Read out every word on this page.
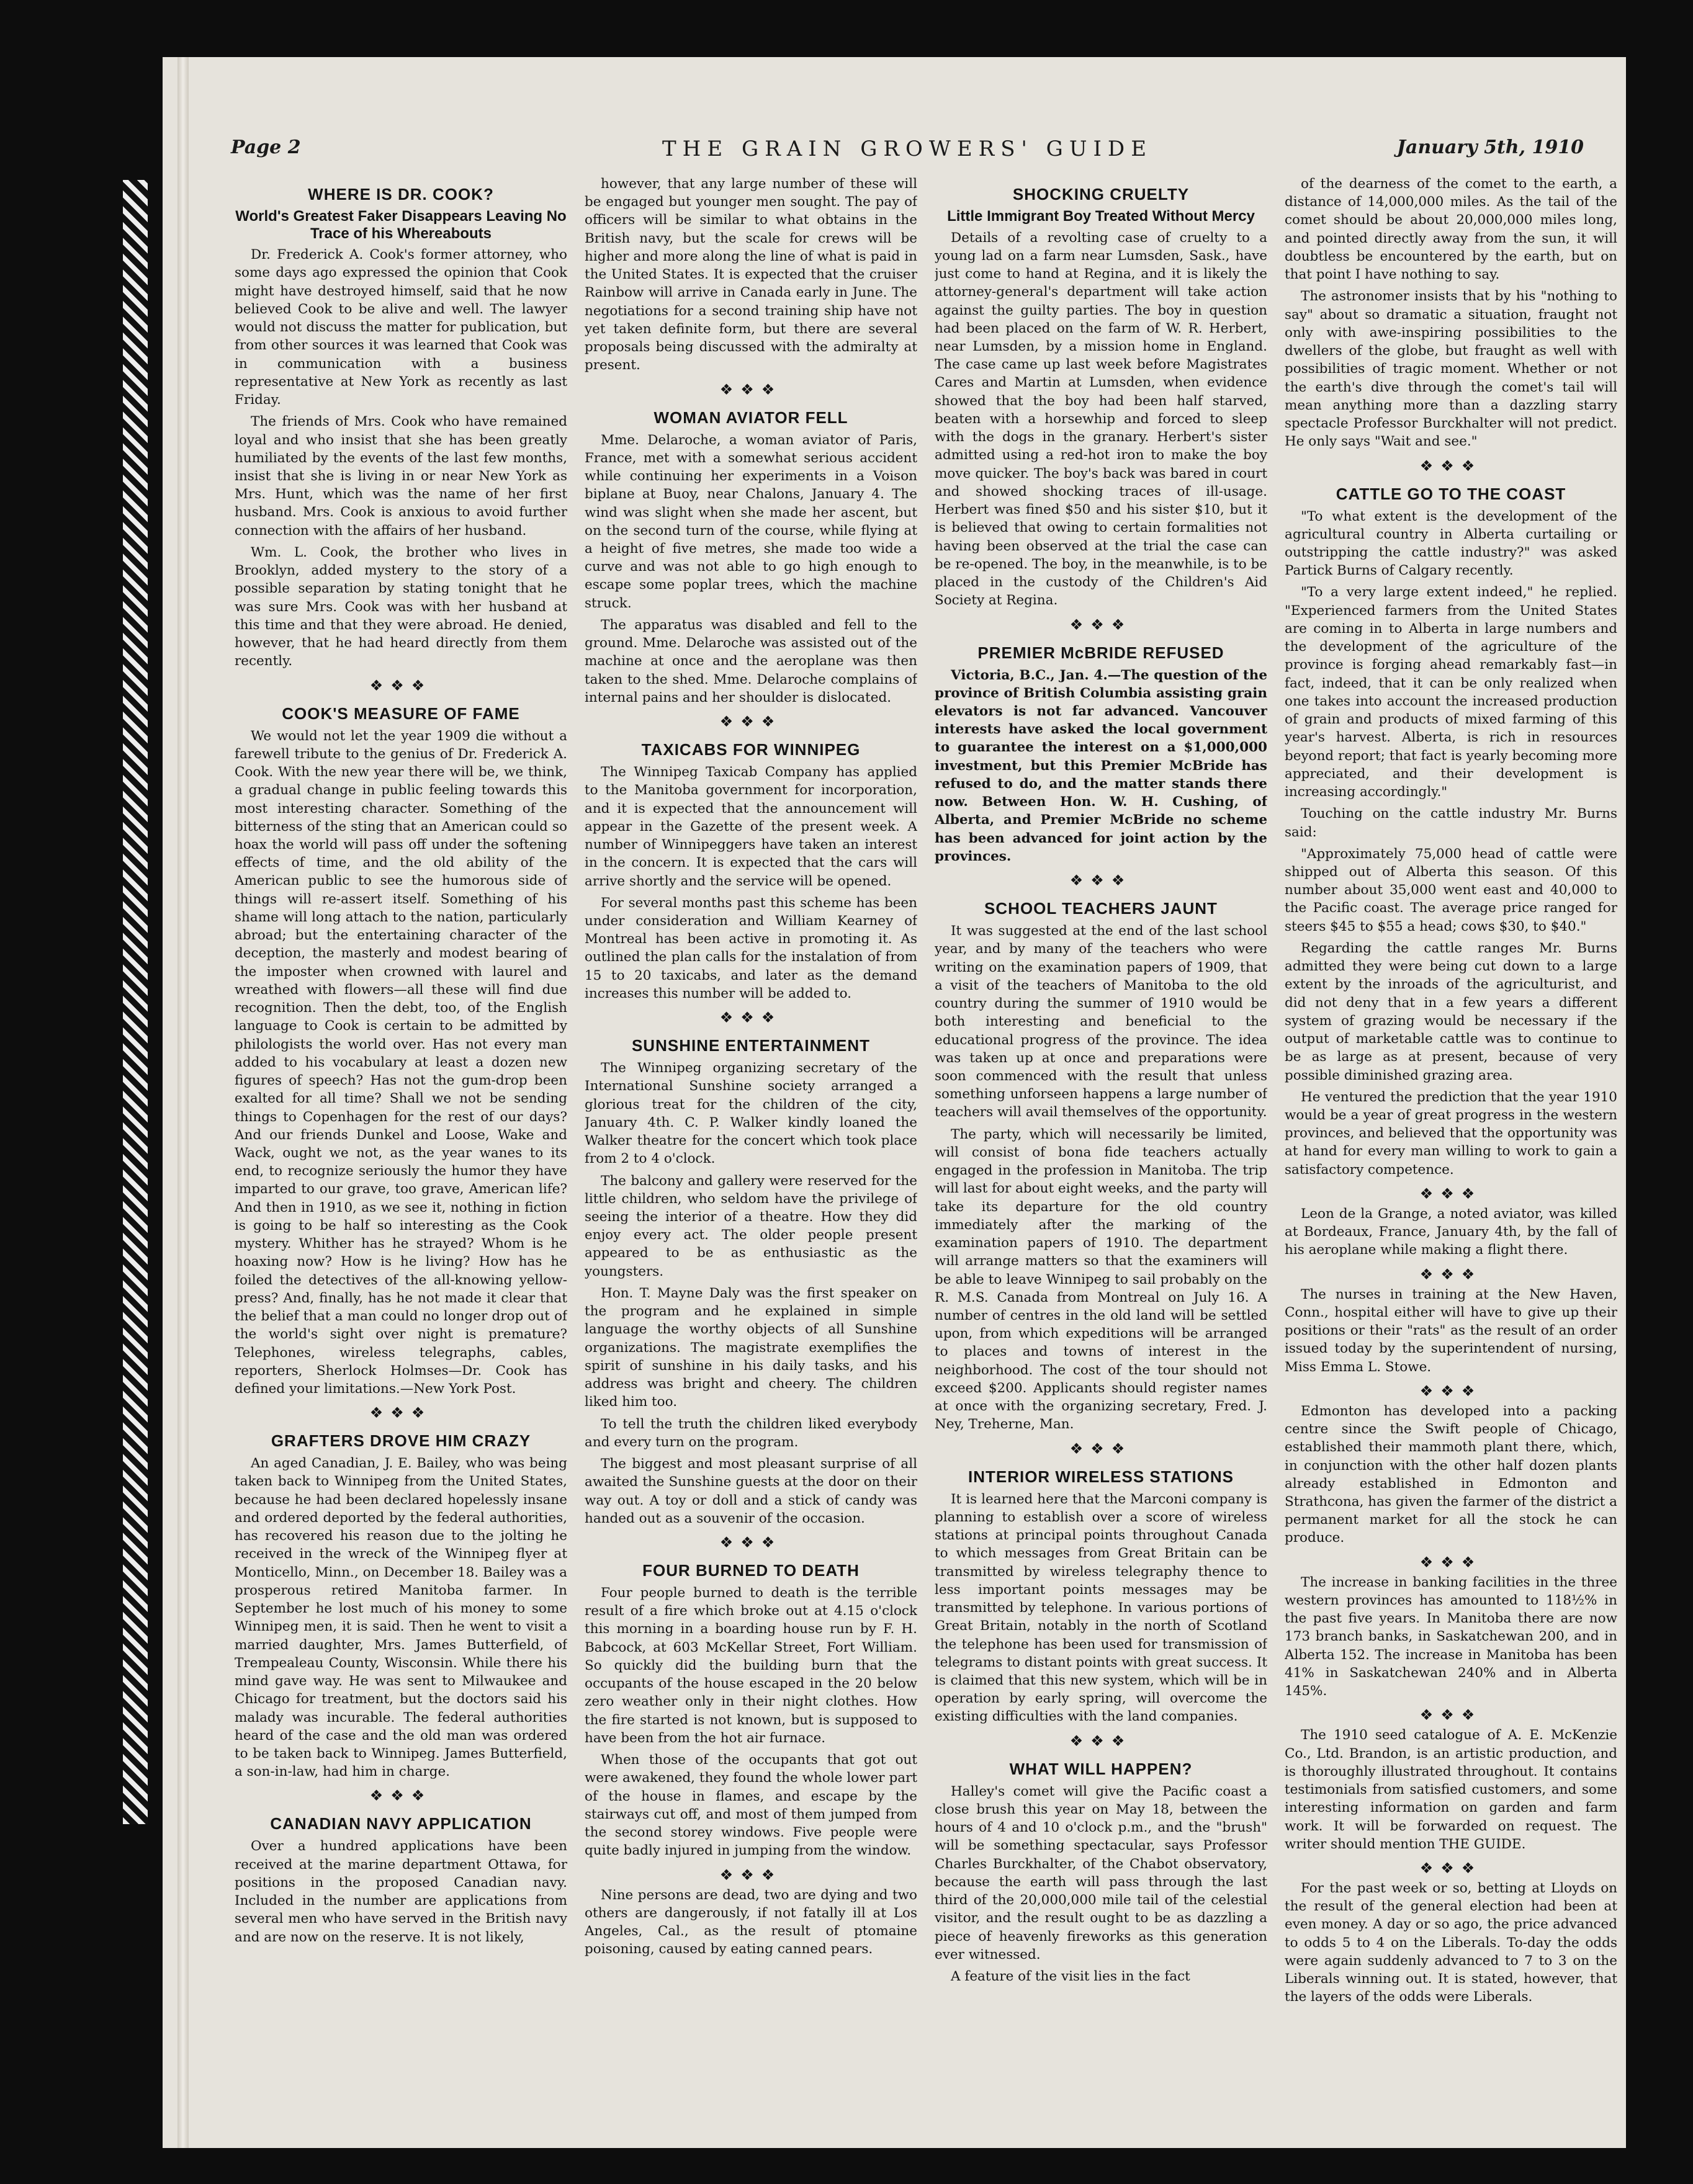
Page 2	THE GRAIN GROWERS' GUIDE	January 5th, 1910
WHERE IS DR. COOK?
World's Greatest Faker Disappears Leaving No Trace of his Whereabouts

Dr. Frederick A. Cook's former attorney, who some days ago expressed the opinion that Cook might have destroyed himself, said that he now believed Cook to be alive and well. The lawyer would not discuss the matter for publication, but from other sources it was learned that Cook was in communication with a business representative at New York as recently as last Friday.

The friends of Mrs. Cook who have remained loyal and who insist that she has been greatly humiliated by the events of the last few months, insist that she is living in or near New York as Mrs. Hunt, which was the name of her first husband. Mrs. Cook is anxious to avoid further connection with the affairs of her husband.

Wm. L. Cook, the brother who lives in Brooklyn, added mystery to the story of a possible separation by stating tonight that he was sure Mrs. Cook was with her husband at this time and that they were abroad. He denied, however, that he had heard directly from them recently.

❖❖❖
COOK'S MEASURE OF FAME

We would not let the year 1909 die without a farewell tribute to the genius of Dr. Frederick A. Cook. With the new year there will be, we think, a gradual change in public feeling towards this most interesting character. Something of the bitterness of the sting that an American could so hoax the world will pass off under the softening effects of time, and the old ability of the American public to see the humorous side of things will re-assert itself. Something of his shame will long attach to the nation, particularly abroad; but the entertaining character of the deception, the masterly and modest bearing of the imposter when crowned with laurel and wreathed with flowers—all these will find due recognition. Then the debt, too, of the English language to Cook is certain to be admitted by philologists the world over. Has not every man added to his vocabulary at least a dozen new figures of speech? Has not the gum-drop been exalted for all time? Shall we not be sending things to Copenhagen for the rest of our days? And our friends Dunkel and Loose, Wake and Wack, ought we not, as the year wanes to its end, to recognize seriously the humor they have imparted to our grave, too grave, American life? And then in 1910, as we see it, nothing in fiction is going to be half so interesting as the Cook mystery. Whither has he strayed? Whom is he hoaxing now? How is he living? How has he foiled the detectives of the all-knowing yellow-press? And, finally, has he not made it clear that the belief that a man could no longer drop out of the world's sight over night is premature? Telephones, wireless telegraphs, cables, reporters, Sherlock Holmses—Dr. Cook has defined your limitations.—New York Post.

❖❖❖
GRAFTERS DROVE HIM CRAZY

An aged Canadian, J. E. Bailey, who was being taken back to Winnipeg from the United States, because he had been declared hopelessly insane and ordered deported by the federal authorities, has recovered his reason due to the jolting he received in the wreck of the Winnipeg flyer at Monticello, Minn., on December 18. Bailey was a prosperous retired Manitoba farmer. In September he lost much of his money to some Winnipeg men, it is said. Then he went to visit a married daughter, Mrs. James Butterfield, of Trempealeau County, Wisconsin. While there his mind gave way. He was sent to Milwaukee and Chicago for treatment, but the doctors said his malady was incurable. The federal authorities heard of the case and the old man was ordered to be taken back to Winnipeg. James Butterfield, a son-in-law, had him in charge.

❖❖❖
CANADIAN NAVY APPLICATION

Over a hundred applications have been received at the marine department Ottawa, for positions in the proposed Canadian navy. Included in the number are applications from several men who have served in the British navy and are now on the reserve. It is not likely,

however, that any large number of these will be engaged but younger men sought. The pay of officers will be similar to what obtains in the British navy, but the scale for crews will be higher and more along the line of what is paid in the United States. It is expected that the cruiser Rainbow will arrive in Canada early in June. The negotiations for a second training ship have not yet taken definite form, but there are several proposals being discussed with the admiralty at present.

❖❖❖
WOMAN AVIATOR FELL

Mme. Delaroche, a woman aviator of Paris, France, met with a somewhat serious accident while continuing her experiments in a Voison biplane at Buoy, near Chalons, January 4. The wind was slight when she made her ascent, but on the second turn of the course, while flying at a height of five metres, she made too wide a curve and was not able to go high enough to escape some poplar trees, which the machine struck.

The apparatus was disabled and fell to the ground. Mme. Delaroche was assisted out of the machine at once and the aeroplane was then taken to the shed. Mme. Delaroche complains of internal pains and her shoulder is dislocated.

❖❖❖
TAXICABS FOR WINNIPEG

The Winnipeg Taxicab Company has applied to the Manitoba government for incorporation, and it is expected that the announcement will appear in the Gazette of the present week. A number of Winnipeggers have taken an interest in the concern. It is expected that the cars will arrive shortly and the service will be opened.

For several months past this scheme has been under consideration and William Kearney of Montreal has been active in promoting it. As outlined the plan calls for the instalation of from 15 to 20 taxicabs, and later as the demand increases this number will be added to.

❖❖❖
SUNSHINE ENTERTAINMENT

The Winnipeg organizing secretary of the International Sunshine society arranged a glorious treat for the children of the city, January 4th. C. P. Walker kindly loaned the Walker theatre for the concert which took place from 2 to 4 o'clock.

The balcony and gallery were reserved for the little children, who seldom have the privilege of seeing the interior of a theatre. How they did enjoy every act. The older people present appeared to be as enthusiastic as the youngsters.

Hon. T. Mayne Daly was the first speaker on the program and he explained in simple language the worthy objects of all Sunshine organizations. The magistrate exemplifies the spirit of sunshine in his daily tasks, and his address was bright and cheery. The children liked him too.

To tell the truth the children liked everybody and every turn on the program.

The biggest and most pleasant surprise of all awaited the Sunshine guests at the door on their way out. A toy or doll and a stick of candy was handed out as a souvenir of the occasion.

❖❖❖
FOUR BURNED TO DEATH

Four people burned to death is the terrible result of a fire which broke out at 4.15 o'clock this morning in a boarding house run by F. H. Babcock, at 603 McKellar Street, Fort William. So quickly did the building burn that the occupants of the house escaped in the 20 below zero weather only in their night clothes. How the fire started is not known, but is supposed to have been from the hot air furnace.

When those of the occupants that got out were awakened, they found the whole lower part of the house in flames, and escape by the stairways cut off, and most of them jumped from the second storey windows. Five people were quite badly injured in jumping from the window.

❖❖❖

Nine persons are dead, two are dying and two others are dangerously, if not fatally ill at Los Angeles, Cal., as the result of ptomaine poisoning, caused by eating canned pears.

SHOCKING CRUELTY
Little Immigrant Boy Treated Without Mercy

Details of a revolting case of cruelty to a young lad on a farm near Lumsden, Sask., have just come to hand at Regina, and it is likely the attorney-general's department will take action against the guilty parties. The boy in question had been placed on the farm of W. R. Herbert, near Lumsden, by a mission home in England. The case came up last week before Magistrates Cares and Martin at Lumsden, when evidence showed that the boy had been half starved, beaten with a horsewhip and forced to sleep with the dogs in the granary. Herbert's sister admitted using a red-hot iron to make the boy move quicker. The boy's back was bared in court and showed shocking traces of ill-usage. Herbert was fined $50 and his sister $10, but it is believed that owing to certain formalities not having been observed at the trial the case can be re-opened. The boy, in the meanwhile, is to be placed in the custody of the Children's Aid Society at Regina.

❖❖❖
PREMIER McBRIDE REFUSED

Victoria, B.C., Jan. 4.—The question of the province of British Columbia assisting grain elevators is not far advanced. Vancouver interests have asked the local government to guarantee the interest on a $1,000,000 investment, but this Premier McBride has refused to do, and the matter stands there now. Between Hon. W. H. Cushing, of Alberta, and Premier McBride no scheme has been advanced for joint action by the provinces.

❖❖❖
SCHOOL TEACHERS JAUNT

It was suggested at the end of the last school year, and by many of the teachers who were writing on the examination papers of 1909, that a visit of the teachers of Manitoba to the old country during the summer of 1910 would be both interesting and beneficial to the educational progress of the province. The idea was taken up at once and preparations were soon commenced with the result that unless something unforseen happens a large number of teachers will avail themselves of the opportunity.

The party, which will necessarily be limited, will consist of bona fide teachers actually engaged in the profession in Manitoba. The trip will last for about eight weeks, and the party will take its departure for the old country immediately after the marking of the examination papers of 1910. The department will arrange matters so that the examiners will be able to leave Winnipeg to sail probably on the R. M.S. Canada from Montreal on July 16. A number of centres in the old land will be settled upon, from which expeditions will be arranged to places and towns of interest in the neighborhood. The cost of the tour should not exceed $200. Applicants should register names at once with the organizing secretary, Fred. J. Ney, Treherne, Man.

❖❖❖
INTERIOR WIRELESS STATIONS

It is learned here that the Marconi company is planning to establish over a score of wireless stations at principal points throughout Canada to which messages from Great Britain can be transmitted by wireless telegraphy thence to less important points messages may be transmitted by telephone. In various portions of Great Britain, notably in the north of Scotland the telephone has been used for transmission of telegrams to distant points with great success. It is claimed that this new system, which will be in operation by early spring, will overcome the existing difficulties with the land companies.

❖❖❖
WHAT WILL HAPPEN?

Halley's comet will give the Pacific coast a close brush this year on May 18, between the hours of 4 and 10 o'clock p.m., and the "brush" will be something spectacular, says Professor Charles Burckhalter, of the Chabot observatory, because the earth will pass through the last third of the 20,000,000 mile tail of the celestial visitor, and the result ought to be as dazzling a piece of heavenly fireworks as this generation ever witnessed.

A feature of the visit lies in the fact

of the dearness of the comet to the earth, a distance of 14,000,000 miles. As the tail of the comet should be about 20,000,000 miles long, and pointed directly away from the sun, it will doubtless be encountered by the earth, but on that point I have nothing to say.

The astronomer insists that by his "nothing to say" about so dramatic a situation, fraught not only with awe-inspiring possibilities to the dwellers of the globe, but fraught as well with possibilities of tragic moment. Whether or not the earth's dive through the comet's tail will mean anything more than a dazzling starry spectacle Professor Burckhalter will not predict. He only says "Wait and see."

❖❖❖
CATTLE GO TO THE COAST

"To what extent is the development of the agricultural country in Alberta curtailing or outstripping the cattle industry?" was asked Partick Burns of Calgary recently.

"To a very large extent indeed," he replied. "Experienced farmers from the United States are coming in to Alberta in large numbers and the development of the agriculture of the province is forging ahead remarkably fast—in fact, indeed, that it can be only realized when one takes into account the increased production of grain and products of mixed farming of this year's harvest. Alberta, is rich in resources beyond report; that fact is yearly becoming more appreciated, and their development is increasing accordingly."

Touching on the cattle industry Mr. Burns said:

"Approximately 75,000 head of cattle were shipped out of Alberta this season. Of this number about 35,000 went east and 40,000 to the Pacific coast. The average price ranged for steers $45 to $55 a head; cows $30, to $40."

Regarding the cattle ranges Mr. Burns admitted they were being cut down to a large extent by the inroads of the agriculturist, and did not deny that in a few years a different system of grazing would be necessary if the output of marketable cattle was to continue to be as large as at present, because of very possible diminished grazing area.

He ventured the prediction that the year 1910 would be a year of great progress in the western provinces, and believed that the opportunity was at hand for every man willing to work to gain a satisfactory competence.

❖❖❖

Leon de la Grange, a noted aviator, was killed at Bordeaux, France, January 4th, by the fall of his aeroplane while making a flight there.

❖❖❖

The nurses in training at the New Haven, Conn., hospital either will have to give up their positions or their "rats" as the result of an order issued today by the superintendent of nursing, Miss Emma L. Stowe.

❖❖❖

Edmonton has developed into a packing centre since the Swift people of Chicago, established their mammoth plant there, which, in conjunction with the other half dozen plants already established in Edmonton and Strathcona, has given the farmer of the district a permanent market for all the stock he can produce.

❖❖❖

The increase in banking facilities in the three western provinces has amounted to 118½% in the past five years. In Manitoba there are now 173 branch banks, in Saskatchewan 200, and in Alberta 152. The increase in Manitoba has been 41% in Saskatchewan 240% and in Alberta 145%.

❖❖❖

The 1910 seed catalogue of A. E. McKenzie Co., Ltd. Brandon, is an artistic production, and is thoroughly illustrated throughout. It contains testimonials from satisfied customers, and some interesting information on garden and farm work. It will be forwarded on request. The writer should mention THE GUIDE.

❖❖❖

For the past week or so, betting at Lloyds on the result of the general election had been at even money. A day or so ago, the price advanced to odds 5 to 4 on the Liberals. To-day the odds were again suddenly advanced to 7 to 3 on the Liberals winning out. It is stated, however, that the layers of the odds were Liberals.
